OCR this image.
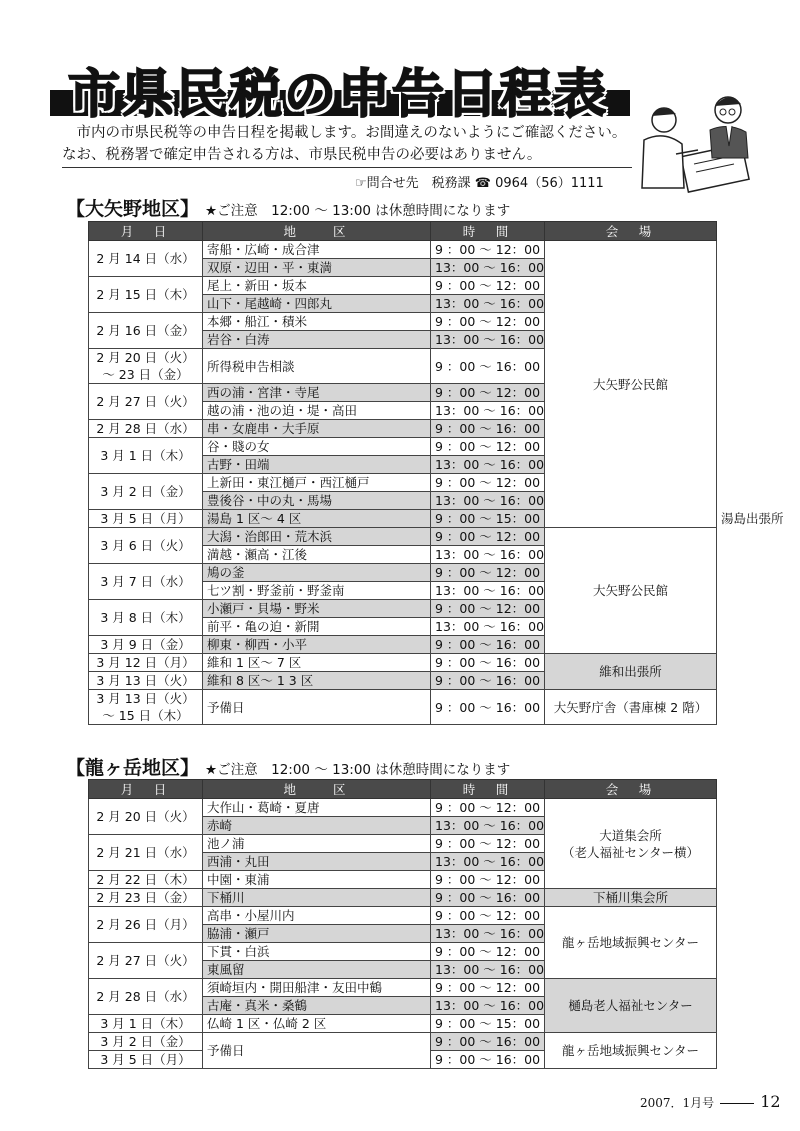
市県民税の申告日程表
　市内の市県民税等の申告日程を掲載します。お間違えのないようにご確認ください。なお、税務署で確定申告される方は、市県民税申告の必要はありません。
☞問合せ先　税務課 ☎ 0964（56）1111
【大矢野地区】 ★ご注意　12:00 ～ 13:00 は休憩時間になります
月　日	地　　区	時　間	会　場	
2 月 14 日（水）	寄船・広崎・成合津	9 ：00 ～ 12：00	大矢野公民館	
	双原・辺田・平・東満	13：00 ～ 16：00		
2 月 15 日（木）	尾上・新田・坂本	9 ：00 ～ 12：00		
	山下・尾越崎・四郎丸	13：00 ～ 16：00		
2 月 16 日（金）	本郷・船江・積米	9 ：00 ～ 12：00		
	岩谷・白涛	13：00 ～ 16：00		
2 月 20 日（火）
～ 23 日（金）	所得税申告相談	9 ：00 ～ 16：00		
2 月 27 日（火）	西の浦・宮津・寺尾	9 ：00 ～ 12：00		
	越の浦・池の迫・堤・高田	13：00 ～ 16：00		
2 月 28 日（水）	串・女鹿串・大手原	9 ：00 ～ 16：00		
3 月 1 日（木）	谷・賤の女	9 ：00 ～ 12：00		
	古野・田端	13：00 ～ 16：00		
3 月 2 日（金）	上新田・東江樋戸・西江樋戸	9 ：00 ～ 12：00		
	豊後谷・中の丸・馬場	13：00 ～ 16：00		
3 月 5 日（月）	湯島 1 区～ 4 区	9 ：00 ～ 15：00		湯島出張所
3 月 6 日（火）	大潟・治郎田・荒木浜	9 ：00 ～ 12：00	大矢野公民館	
	満越・瀬高・江後	13：00 ～ 16：00		
3 月 7 日（水）	鳩の釜	9 ：00 ～ 12：00		
	七ツ割・野釜前・野釜南	13：00 ～ 16：00		
3 月 8 日（木）	小瀬戸・貝場・野米	9 ：00 ～ 12：00		
	前平・亀の迫・新開	13：00 ～ 16：00		
3 月 9 日（金）	柳東・柳西・小平	9 ：00 ～ 16：00		
3 月 12 日（月）	維和 1 区～ 7 区	9 ：00 ～ 16：00	維和出張所	
3 月 13 日（火）	維和 8 区～ 1 3 区	9 ：00 ～ 16：00		
3 月 13 日（火）
～ 15 日（木）	予備日	9 ：00 ～ 16：00	大矢野庁舎（書庫棟 2 階）	
【龍ヶ岳地区】 ★ご注意　12:00 ～ 13:00 は休憩時間になります
月　日	地　　区	時　間	会　場
2 月 20 日（火）	大作山・葛崎・夏唐	9 ：00 ～ 12：00	大道集会所
（老人福祉センター横）
	赤崎	13：00 ～ 16：00	
2 月 21 日（水）	池ノ浦	9 ：00 ～ 12：00	
	西浦・丸田	13：00 ～ 16：00	
2 月 22 日（木）	中園・東浦	9 ：00 ～ 12：00	
2 月 23 日（金）	下桶川	9 ：00 ～ 16：00	下桶川集会所
2 月 26 日（月）	高串・小屋川内	9 ：00 ～ 12：00	龍ヶ岳地域振興センター
	脇浦・瀬戸	13：00 ～ 16：00	
2 月 27 日（火）	下貫・白浜	9 ：00 ～ 12：00	
	東風留	13：00 ～ 16：00	
2 月 28 日（水）	須崎垣内・開田船津・友田中鶴	9 ：00 ～ 12：00	樋島老人福祉センター
	古庵・真米・桑鶴	13：00 ～ 16：00	
3 月 1 日（木）	仏崎 1 区・仏崎 2 区	9 ：00 ～ 15：00	
3 月 2 日（金）	予備日	9 ：00 ～ 16：00	龍ヶ岳地域振興センター
3 月 5 日（月）		9 ：00 ～ 16：00	
2007．1月号	12
